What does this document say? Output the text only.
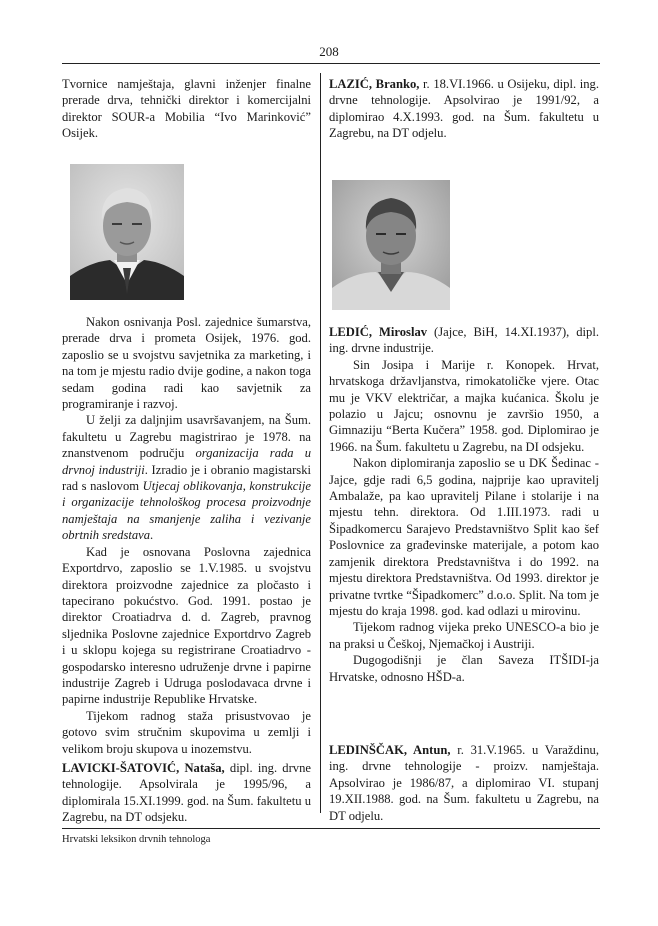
208

Tvornice namještaja, glavni inženjer finalne prerade drva, tehnički direktor i komercijalni direktor SOUR-a Mobilia “Ivo Marinković” Osijek.

Nakon osnivanja Posl. zajednice šumarstva, prerade drva i prometa Osijek, 1976. god. zaposlio se u svojstvu savjetnika za marketing, i na tom je mjestu radio dvije godine, a nakon toga sedam godina radi kao savjetnik za programiranje i razvoj.

U želji za daljnjim usavršavanjem, na Šum. fakultetu u Zagrebu magistrirao je 1978. na znanstvenom području organizacija rada u drvnoj industriji. Izradio je i obranio magistarski rad s naslovom Utjecaj oblikovanja, konstrukcije i organizacije tehnološkog procesa proizvodnje namještaja na smanjenje zaliha i vezivanje obrtnih sredstava.

Kad je osnovana Poslovna zajednica Exportdrvo, zaposlio se 1.V.1985. u svojstvu direktora proizvodne zajednice za pločasto i tapecirano pokućstvo. God. 1991. postao je direktor Croatiadrva d. d. Zagreb, pravnog sljednika Poslovne zajednice Exportdrvo Zagreb i u sklopu kojega su registrirane Croatiadrvo - gospodarsko interesno udruženje drvne i papirne industrije Zagreb i Udruga poslodavaca drvne i papirne industrije Republike Hrvatske.

Tijekom radnog staža prisustvovao je gotovo svim stručnim skupovima u zemlji i velikom broju skupova u inozemstvu.

LAVICKI-ŠATOVIĆ, Nataša, dipl. ing. drvne tehnologije. Apsolvirala je 1995/96, a diplomirala 15.XI.1999. god. na Šum. fakultetu u Zagrebu, na DT odsjeku.

LAZIĆ, Branko, r. 18.VI.1966. u Osijeku, dipl. ing. drvne tehnologije. Apsolvirao je 1991/92, a diplomirao 4.X.1993. god. na Šum. fakultetu u Zagrebu, na DT odjelu.

LEDIĆ, Miroslav (Jajce, BiH, 14.XI.1937), dipl. ing. drvne industrije.

Sin Josipa i Marije r. Konopek. Hrvat, hrvatskoga državljanstva, rimokatoličke vjere. Otac mu je VKV električar, a majka kućanica. Školu je polazio u Jajcu; osnovnu je završio 1950, a Gimnaziju “Berta Kučera” 1958. god. Diplomirao je 1966. na Šum. fakultetu u Zagrebu, na DI odsjeku.

Nakon diplomiranja zaposlio se u DK Šedinac - Jajce, gdje radi 6,5 godina, najprije kao upravitelj Ambalaže, pa kao upravitelj Pilane i stolarije i na mjestu tehn. direktora. Od 1.III.1973. radi u Šipadkomercu Sarajevo Predstavništvo Split kao šef Poslovnice za građevinske materijale, a potom kao zamjenik direktora Predstavništva i do 1992. na mjestu direktora Predstavništva. Od 1993. direktor je privatne tvrtke “Šipadkomerc” d.o.o. Split. Na tom je mjestu do kraja 1998. god. kad odlazi u mirovinu.

Tijekom radnog vijeka preko UNESCO-a bio je na praksi u Češkoj, Njemačkoj i Austriji.

Dugogodišnji je član Saveza ITŠIDI-ja Hrvatske, odnosno HŠD-a.

LEDINŠČAK, Antun, r. 31.V.1965. u Varaždinu, ing. drvne tehnologije - proizv. namještaja. Apsolvirao je 1986/87, a diplomirao VI. stupanj 19.XII.1988. god. na Šum. fakultetu u Zagrebu, na DT odjelu.

Hrvatski leksikon drvnih tehnologa
